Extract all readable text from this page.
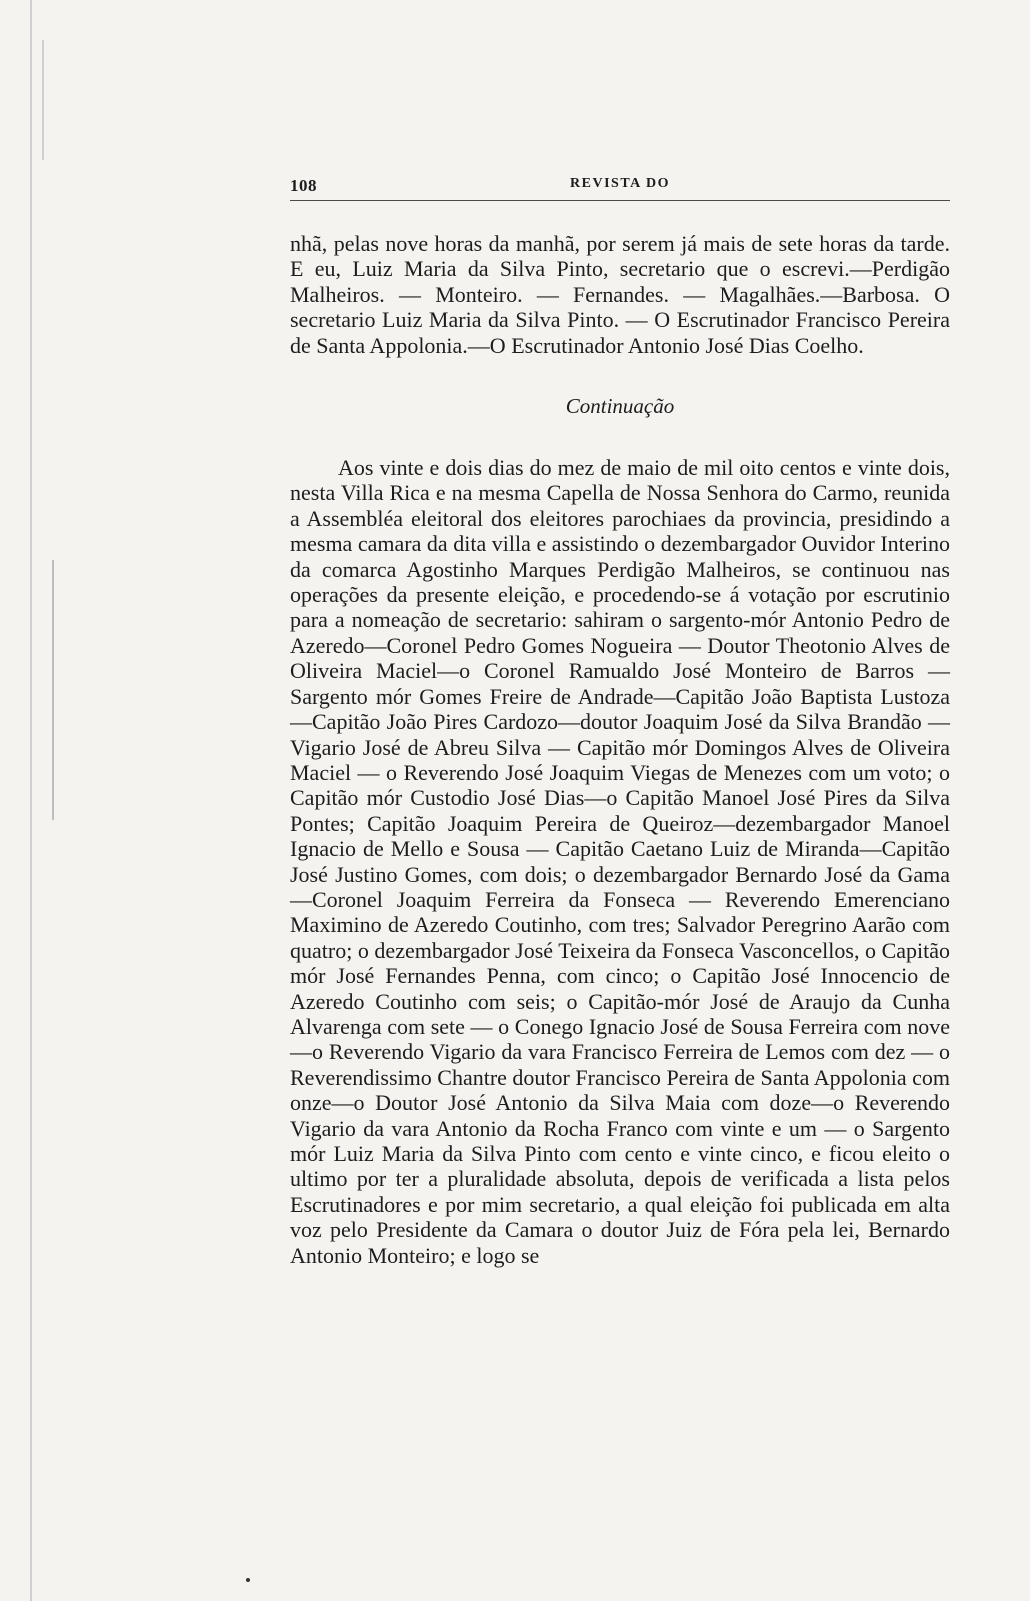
108	REVISTA DO

nhã, pelas nove horas da manhã, por serem já mais de sete horas da tarde. E eu, Luiz Maria da Silva Pinto, secretario que o escrevi.—Perdigão Malheiros. — Monteiro. — Fernandes. — Magalhães.—Barbosa. O secretario Luiz Maria da Silva Pinto. — O Escrutinador Francisco Pereira de Santa Appolonia.—O Escrutinador Antonio José Dias Coelho.

Continuação

Aos vinte e dois dias do mez de maio de mil oito centos e vinte dois, nesta Villa Rica e na mesma Capella de Nossa Senhora do Carmo, reunida a Assembléa eleitoral dos eleitores parochiaes da provincia, presidindo a mesma camara da dita villa e assistindo o dezembargador Ouvidor Interino da comarca Agostinho Marques Perdigão Malheiros, se continuou nas operações da presente eleição, e procedendo-se á votação por escrutinio para a nomeação de secretario: sahiram o sargento-mór Antonio Pedro de Azeredo—Coronel Pedro Gomes Nogueira — Doutor Theotonio Alves de Oliveira Maciel—o Coronel Ramualdo José Monteiro de Barros — Sargento mór Gomes Freire de Andrade—Capitão João Baptista Lustoza—Capitão João Pires Cardozo—doutor Joaquim José da Silva Brandão — Vigario José de Abreu Silva — Capitão mór Domingos Alves de Oliveira Maciel — o Reverendo José Joaquim Viegas de Menezes com um voto; o Capitão mór Custodio José Dias—o Capitão Manoel José Pires da Silva Pontes; Capitão Joaquim Pereira de Queiroz—dezembargador Manoel Ignacio de Mello e Sousa — Capitão Caetano Luiz de Miranda—Capitão José Justino Gomes, com dois; o dezembargador Bernardo José da Gama—Coronel Joaquim Ferreira da Fonseca — Reverendo Emerenciano Maximino de Azeredo Coutinho, com tres; Salvador Peregrino Aarão com quatro; o dezembargador José Teixeira da Fonseca Vasconcellos, o Capitão mór José Fernandes Penna, com cinco; o Capitão José Innocencio de Azeredo Coutinho com seis; o Capitão-mór José de Araujo da Cunha Alvarenga com sete — o Conego Ignacio José de Sousa Ferreira com nove—o Reverendo Vigario da vara Francisco Ferreira de Lemos com dez — o Reverendissimo Chantre doutor Francisco Pereira de Santa Appolonia com onze—o Doutor José Antonio da Silva Maia com doze—o Reverendo Vigario da vara Antonio da Rocha Franco com vinte e um — o Sargento mór Luiz Maria da Silva Pinto com cento e vinte cinco, e ficou eleito o ultimo por ter a pluralidade absoluta, depois de verificada a lista pelos Escrutinadores e por mim secretario, a qual eleição foi publicada em alta voz pelo Presidente da Camara o doutor Juiz de Fóra pela lei, Bernardo Antonio Monteiro; e logo se
